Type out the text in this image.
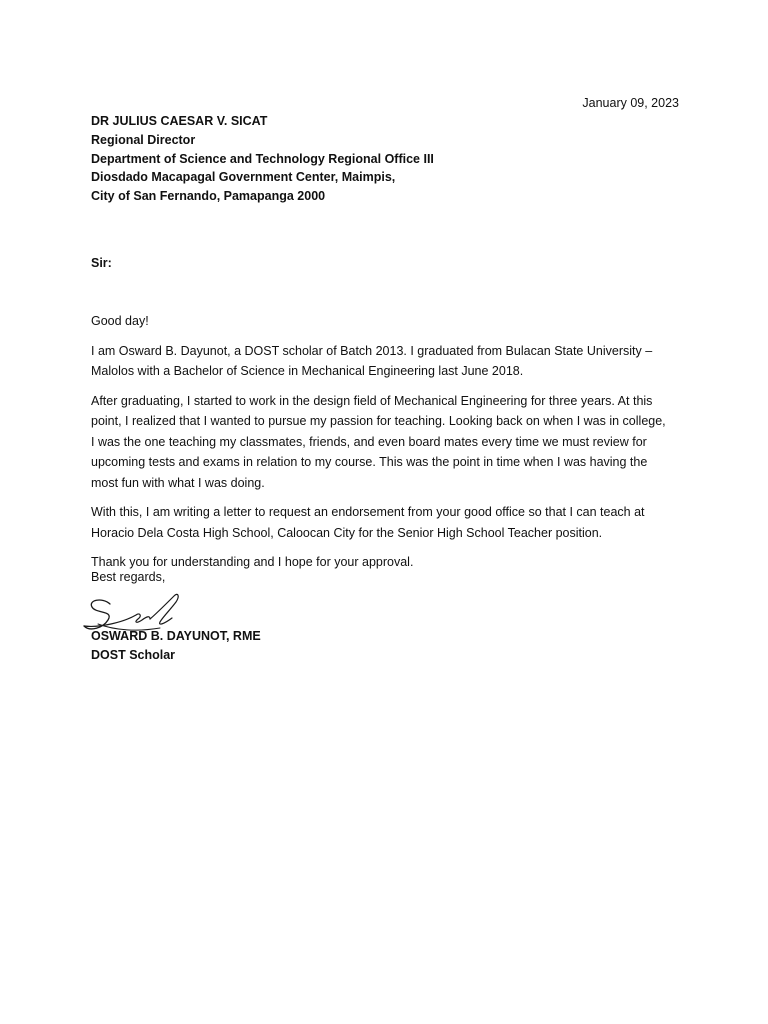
January 09, 2023
DR JULIUS CAESAR V. SICAT
Regional Director
Department of Science and Technology Regional Office III
Diosdado Macapagal Government Center, Maimpis,
City of San Fernando, Pamapanga 2000
Sir:

Good day!

I am Osward B. Dayunot, a DOST scholar of Batch 2013. I graduated from Bulacan State University –
Malolos with a Bachelor of Science in Mechanical Engineering last June 2018.

After graduating, I started to work in the design field of Mechanical Engineering for three years. At this
point, I realized that I wanted to pursue my passion for teaching. Looking back on when I was in college,
I was the one teaching my classmates, friends, and even board mates every time we must review for
upcoming tests and exams in relation to my course. This was the point in time when I was having the
most fun with what I was doing.

With this, I am writing a letter to request an endorsement from your good office so that I can teach at
Horacio Dela Costa High School, Caloocan City for the Senior High School Teacher position.

Thank you for understanding and I hope for your approval.

Best regards,
OSWARD B. DAYUNOT, RME
DOST Scholar
